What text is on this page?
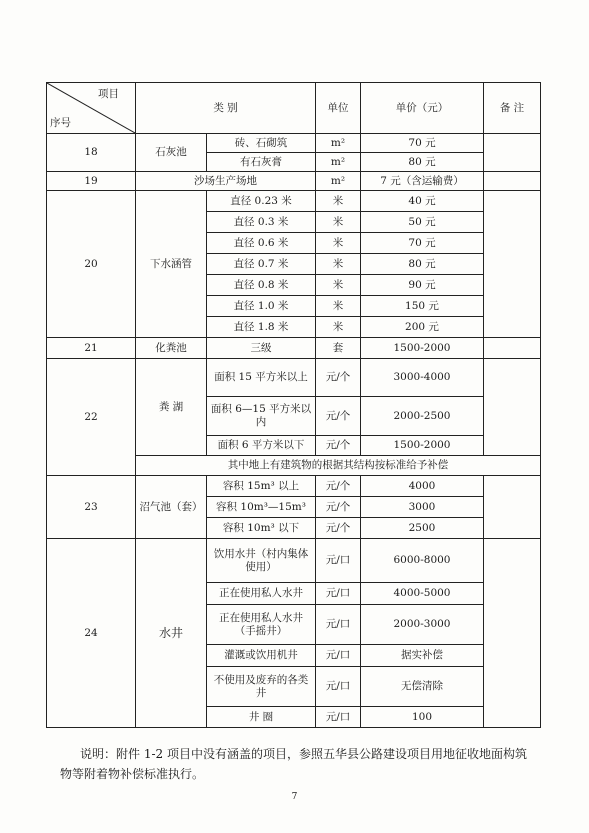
项目
序号	类 别		单位	单价（元）	备 注
18	石灰池	砖、石砌筑	m²	70 元	
		有石灰膏	m²	80 元	
19	沙场生产场地		m²	7 元（含运输费）	
20	下水涵管	直径 0.23 米	米	40 元	
		直径 0.3 米	米	50 元	
		直径 0.6 米	米	70 元	
		直径 0.7 米	米	80 元	
		直径 0.8 米	米	90 元	
		直径 1.0 米	米	150 元	
		直径 1.8 米	米	200 元	
21	化粪池	三级	套	1500-2000	
22	粪 湖	面积 15 平方米以上	元/个	3000-4000	
		面积 6—15 平方米以内	元/个	2000-2500	
		面积 6 平方米以下	元/个	1500-2000	
	其中地上有建筑物的根据其结构按标准给予补偿				
23	沼气池（套）	容积 15m³ 以上	元/个	4000	
		容积 10m³—15m³	元/个	3000	
		容积 10m³ 以下	元/个	2500	
24	水井	饮用水井（村内集体使用）	元/口	6000-8000	
		正在使用私人水井	元/口	4000-5000	
		正在使用私人水井（手摇井）	元/口	2000-3000	
		灌溉或饮用机井	元/口	据实补偿	
		不使用及废弃的各类井	元/口	无偿清除	
		井 圈	元/口	100	

说明：附件 1-2 项目中没有涵盖的项目，参照五华县公路建设项目用地征收地面构筑物等附着物补偿标准执行。

7
